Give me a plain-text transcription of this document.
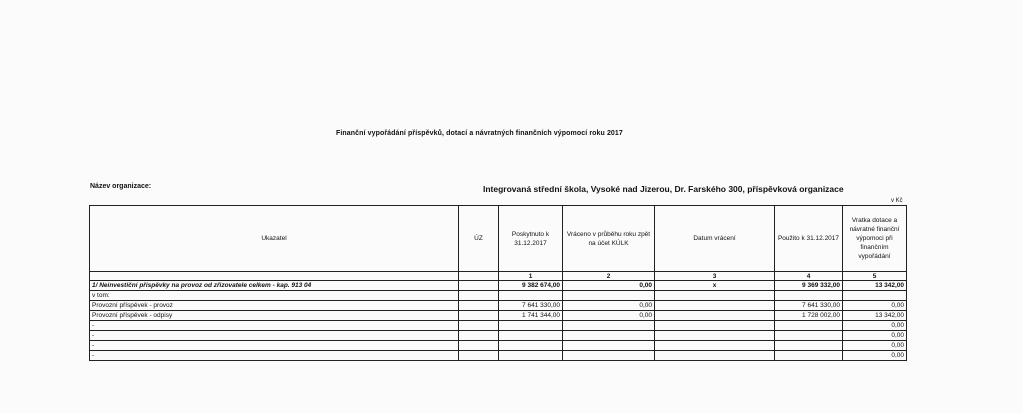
Finanční vypořádání příspěvků, dotací a návratných finančních výpomocí roku 2017
Název organizace:	Integrovaná střední škola, Vysoké nad Jizerou, Dr. Farského 300, příspěvková organizace
v Kč
Ukazatel	ÚZ	Poskytnuto k 31.12.2017	Vráceno v průběhu roku zpět na účet KÚLK	Datum vrácení	Použito k 31.12.2017	Vratka dotace a návratné finanční výpomoci při finančním vypořádání
		1	2	3	4	5
1/ Neinvestiční příspěvky na provoz od zřizovatele celkem - kap. 913 04		9 382 674,00	0,00	x	9 369 332,00	13 342,00
v tom:						
Provozní příspěvek - provoz		7 641 330,00	0,00		7 641 330,00	0,00
Provozní příspěvek - odpisy		1 741 344,00	0,00		1 728 002,00	13 342,00
-						0,00
-						0,00
-						0,00
-						0,00
